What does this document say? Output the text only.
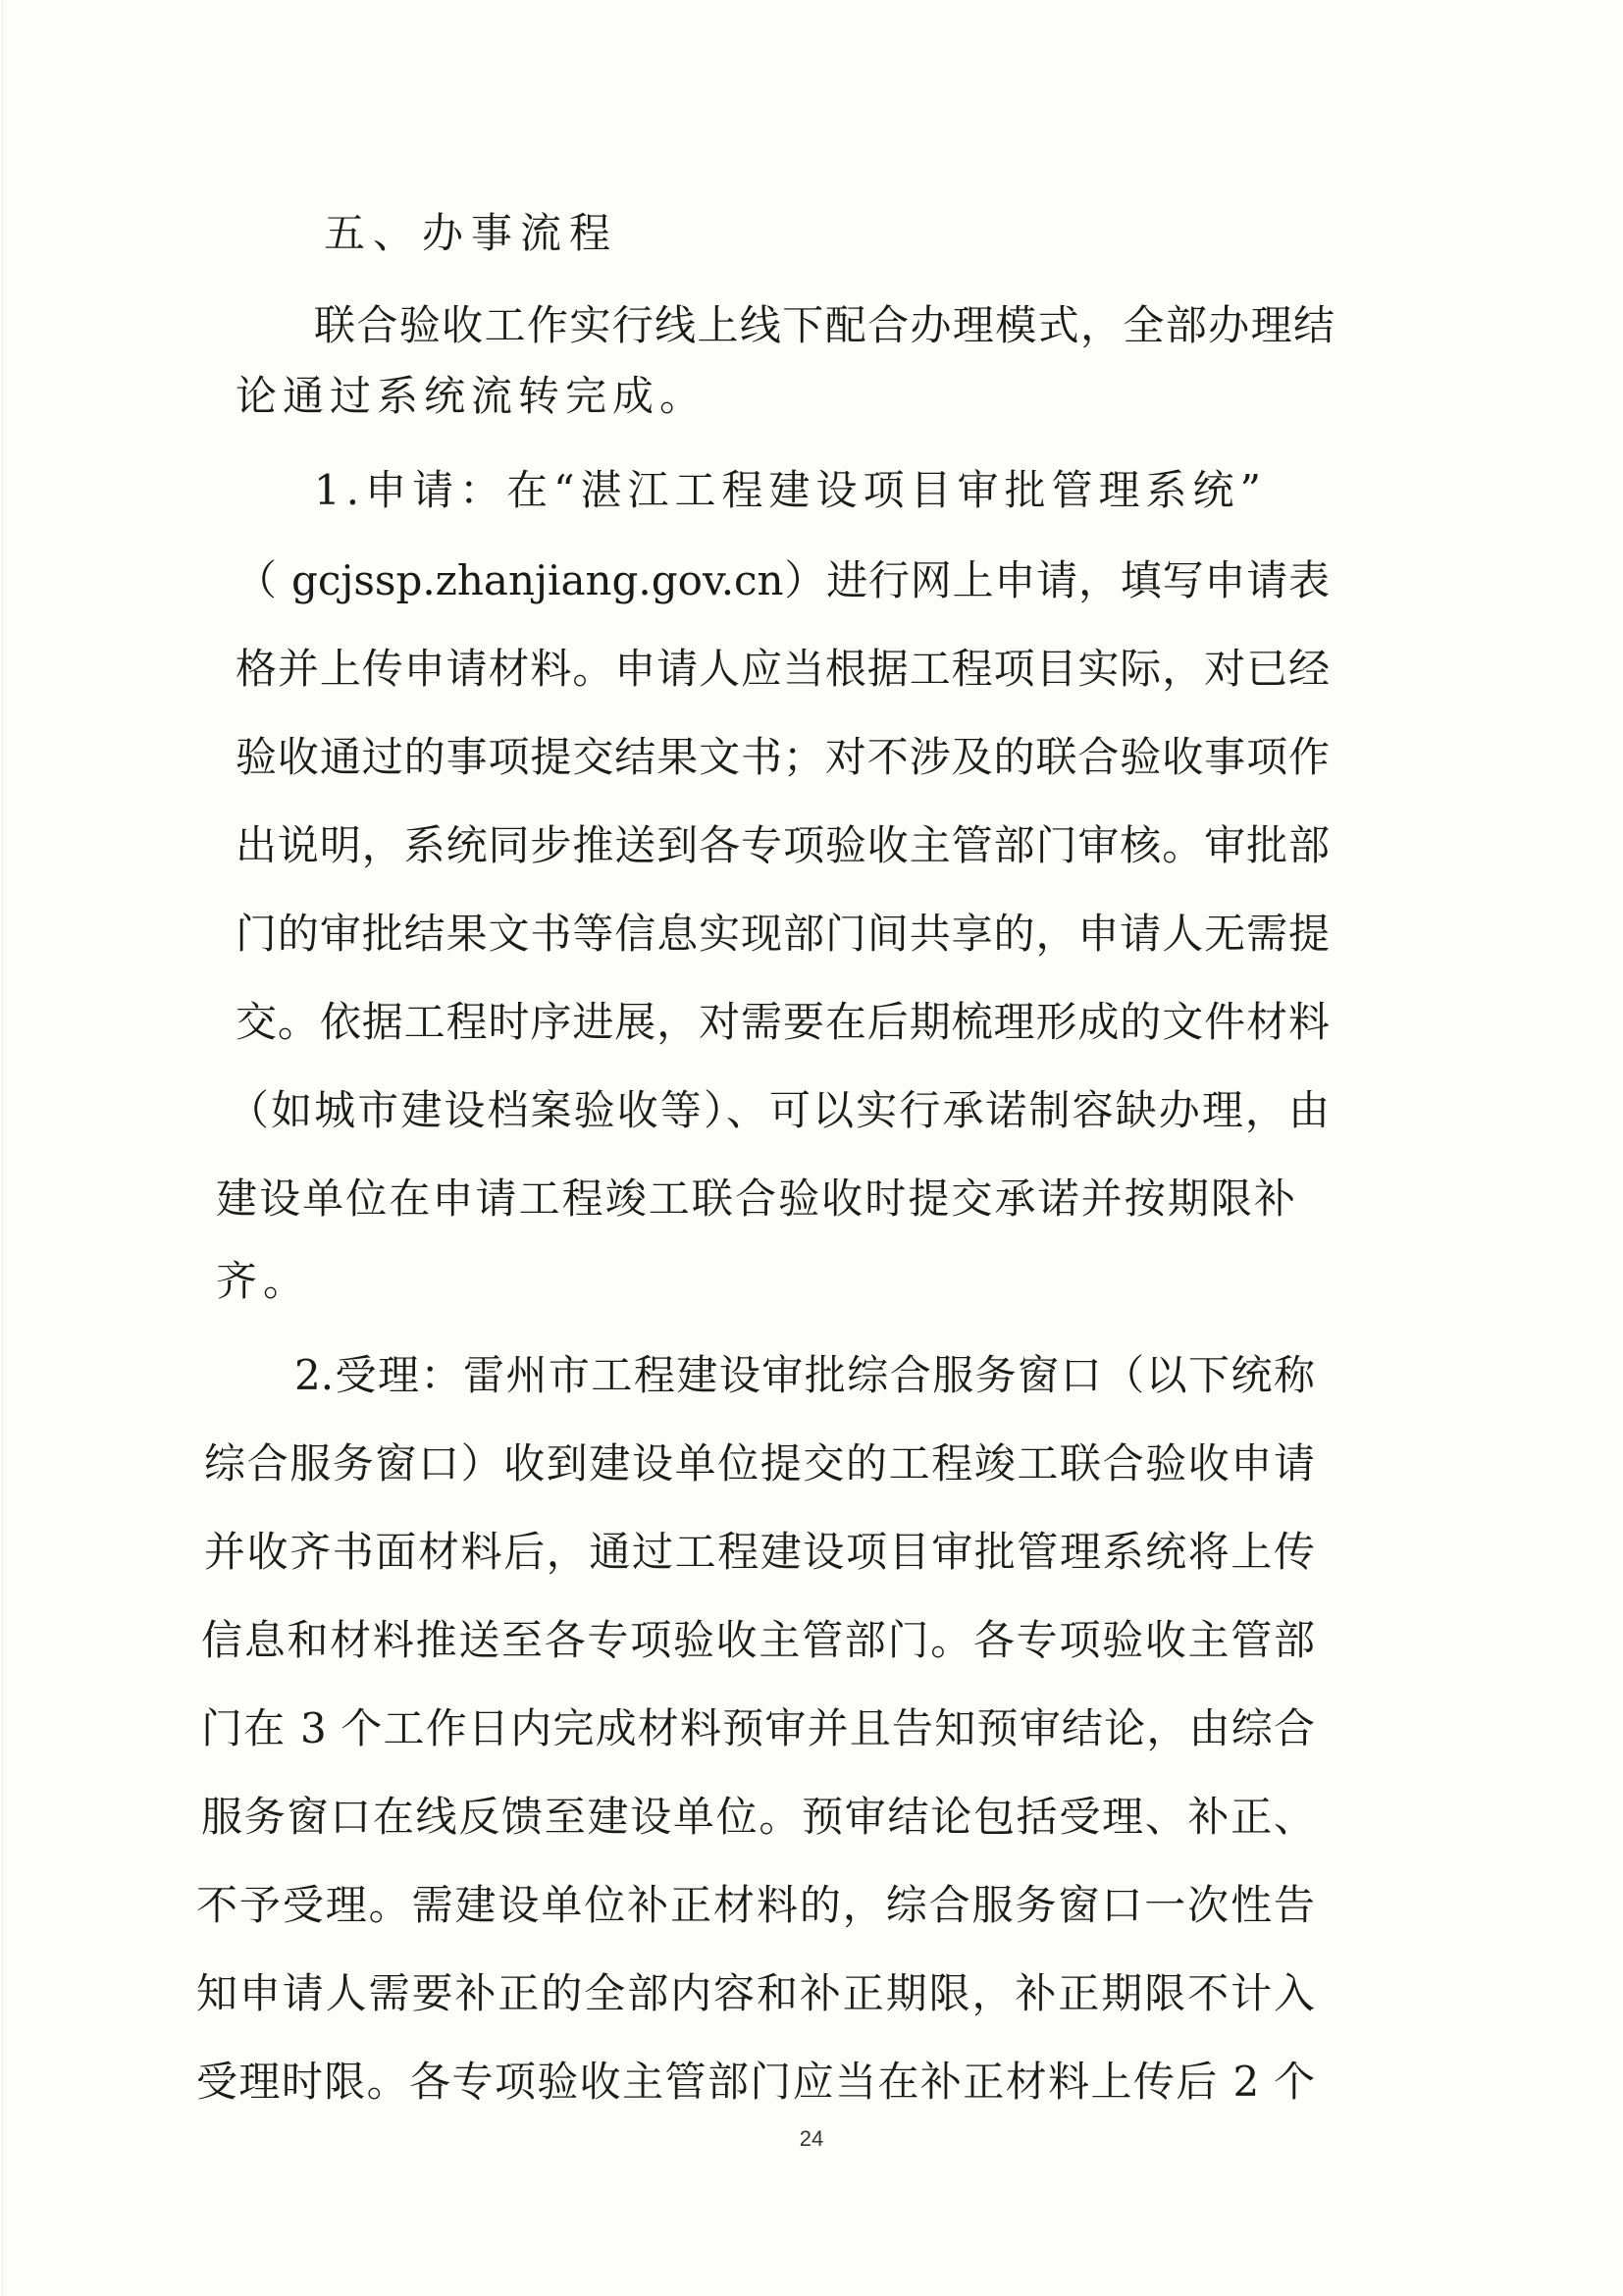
五、办事流程
联合验收工作实行线上线下配合办理模式，全部办理结
论通过系统流转完成。
1.申请：在“湛江工程建设项目审批管理系统”
（ gcjssp.zhanjiang.gov.cn）进行网上申请，填写申请表
格并上传申请材料。申请人应当根据工程项目实际，对已经
验收通过的事项提交结果文书；对不涉及的联合验收事项作
出说明，系统同步推送到各专项验收主管部门审核。审批部
门的审批结果文书等信息实现部门间共享的，申请人无需提
交。依据工程时序进展，对需要在后期梳理形成的文件材料
（如城市建设档案验收等）、可以实行承诺制容缺办理，由
建设单位在申请工程竣工联合验收时提交承诺并按期限补
齐。
2.受理：雷州市工程建设审批综合服务窗口（以下统称
综合服务窗口）收到建设单位提交的工程竣工联合验收申请
并收齐书面材料后，通过工程建设项目审批管理系统将上传
信息和材料推送至各专项验收主管部门。各专项验收主管部
门在 3 个工作日内完成材料预审并且告知预审结论，由综合
服务窗口在线反馈至建设单位。预审结论包括受理、补正、
不予受理。需建设单位补正材料的，综合服务窗口一次性告
知申请人需要补正的全部内容和补正期限，补正期限不计入
受理时限。各专项验收主管部门应当在补正材料上传后 2 个
24
